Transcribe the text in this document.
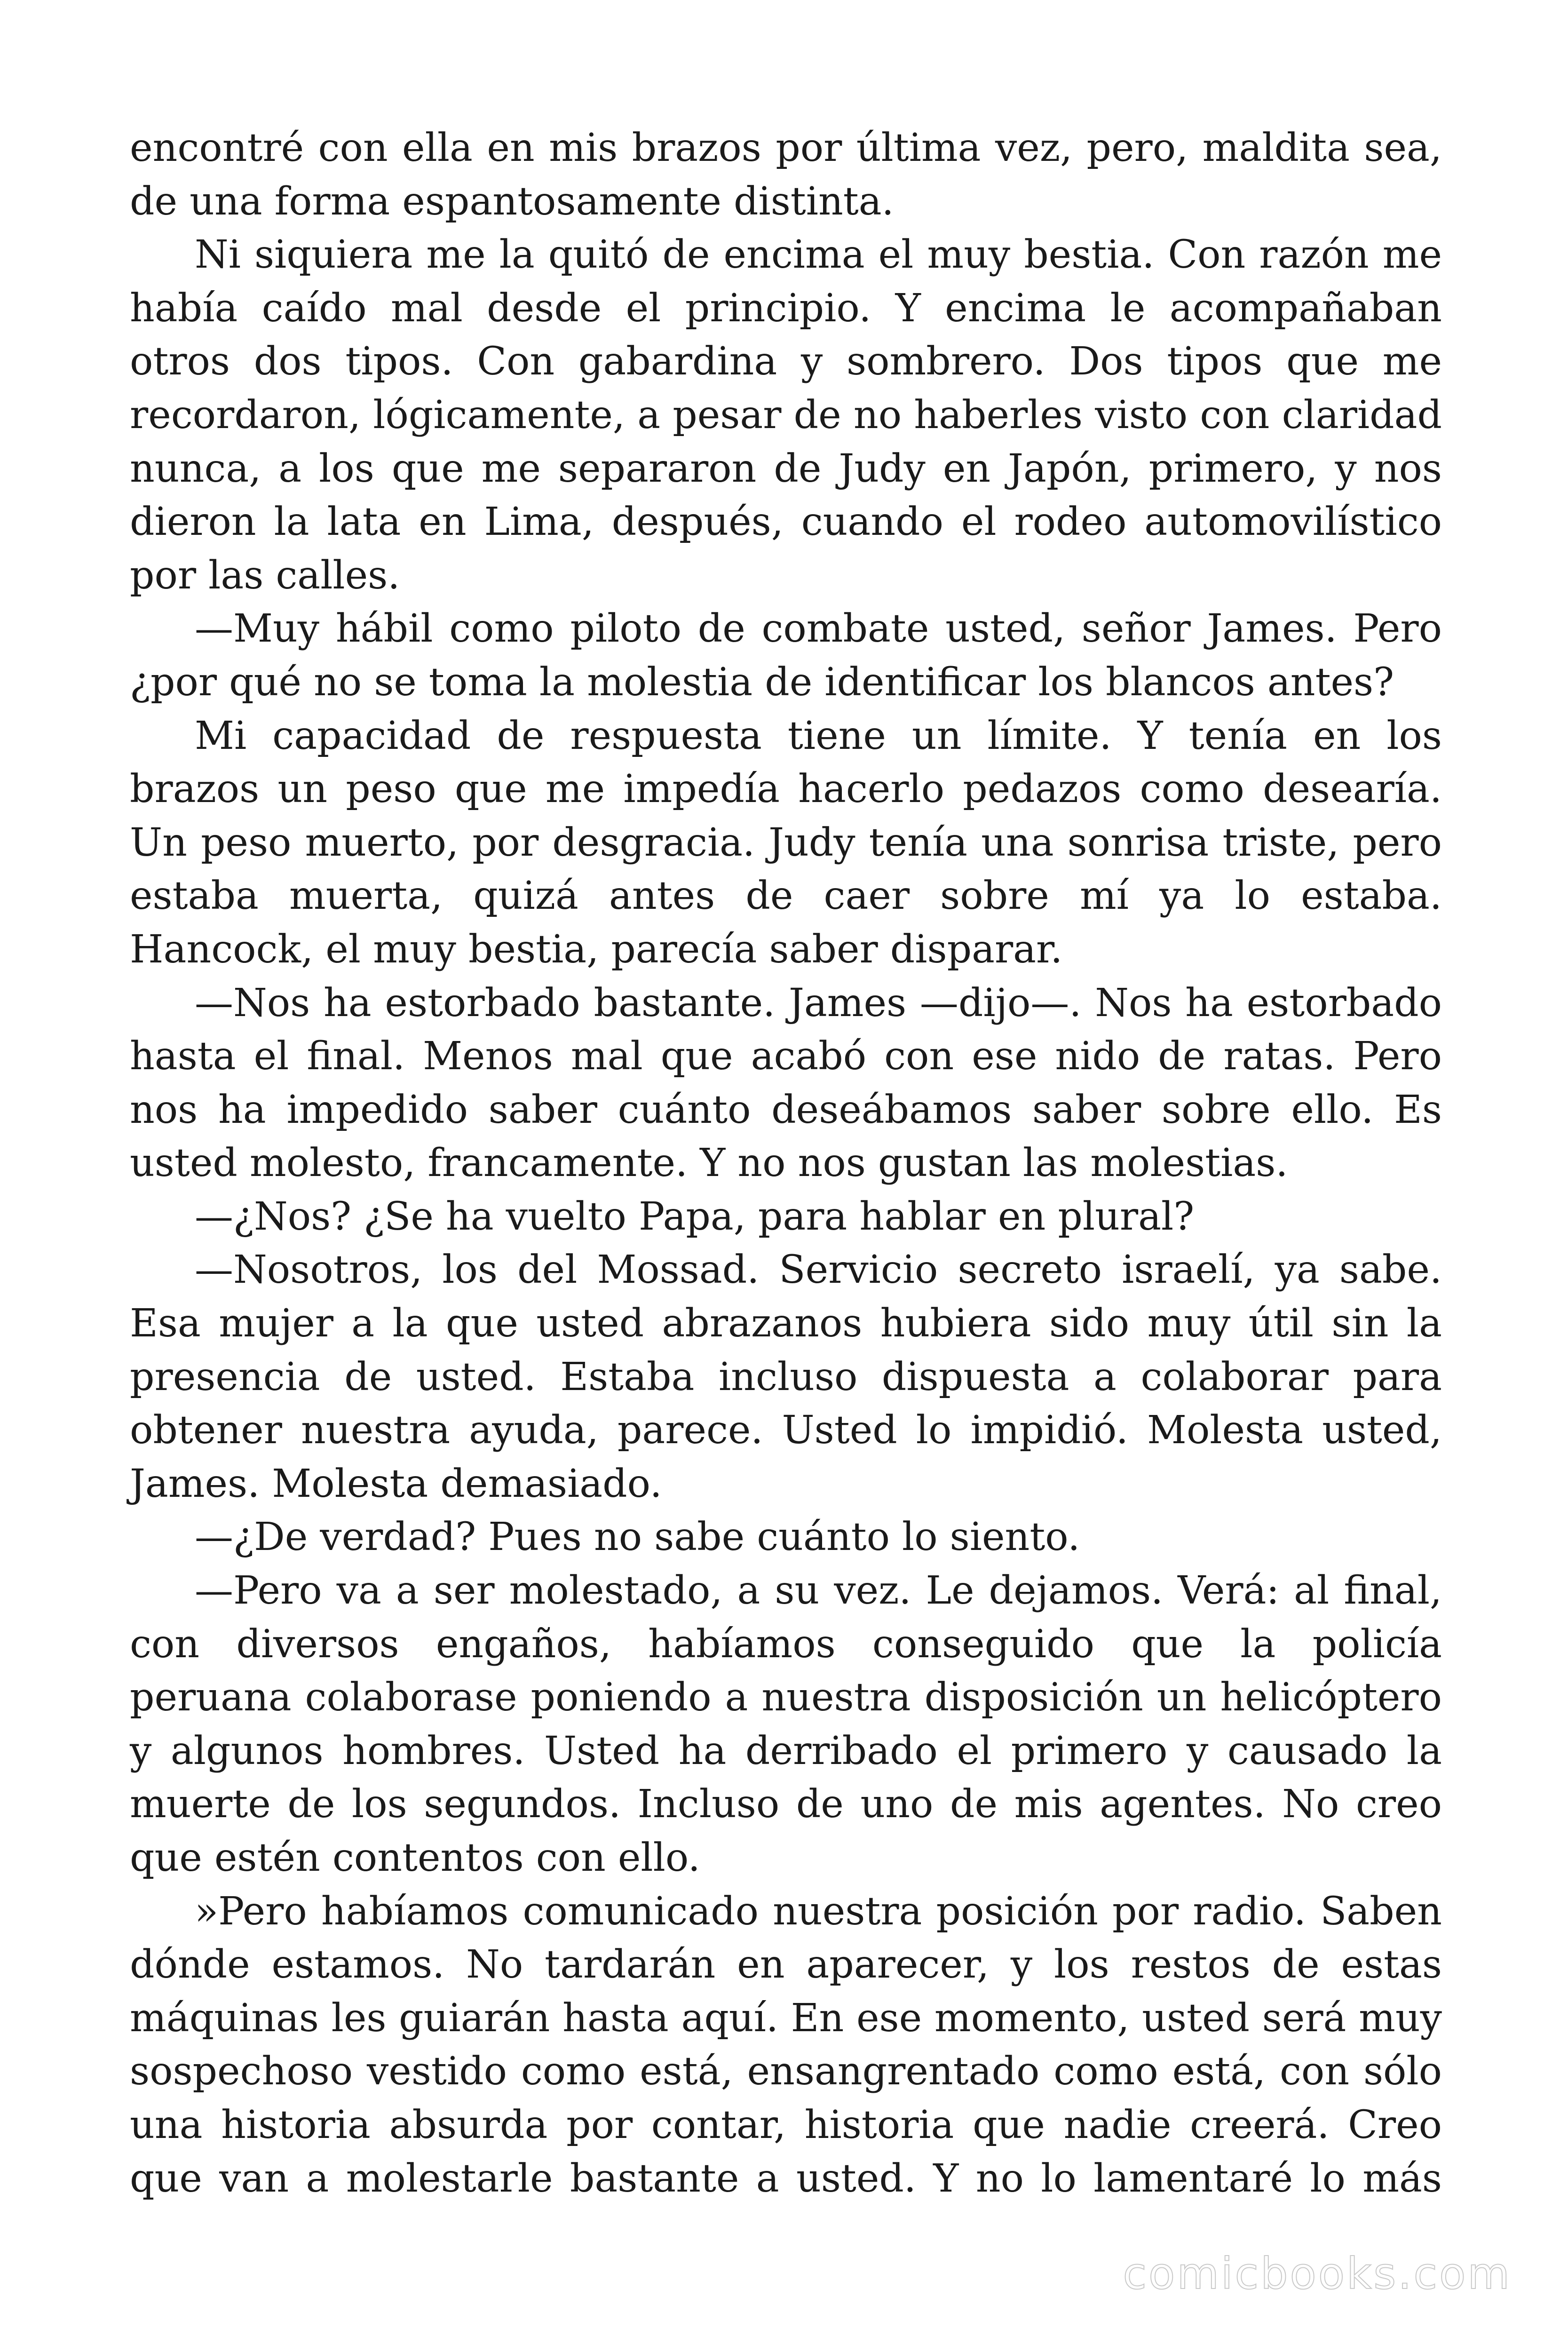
encontré con ella en mis brazos por última vez, pero, maldita sea, de una forma espantosamente distinta.

Ni siquiera me la quitó de encima el muy bestia. Con razón me había caído mal desde el principio. Y encima le acompañaban otros dos tipos. Con gabardina y sombrero. Dos tipos que me recordaron, lógicamente, a pesar de no haberles visto con claridad nunca, a los que me separaron de Judy en Japón, primero, y nos dieron la lata en Lima, después, cuando el rodeo automovilístico por las calles.

—Muy hábil como piloto de combate usted, señor James. Pero ¿por qué no se toma la molestia de identificar los blancos antes?

Mi capacidad de respuesta tiene un límite. Y tenía en los brazos un peso que me impedía hacerlo pedazos como desearía. Un peso muerto, por desgracia. Judy tenía una sonrisa triste, pero estaba muerta, quizá antes de caer sobre mí ya lo estaba. Hancock, el muy bestia, parecía saber disparar.

—Nos ha estorbado bastante. James —dijo—. Nos ha estorbado hasta el final. Menos mal que acabó con ese nido de ratas. Pero nos ha impedido saber cuánto deseábamos saber sobre ello. Es usted molesto, francamente. Y no nos gustan las molestias.

—¿Nos? ¿Se ha vuelto Papa, para hablar en plural?

—Nosotros, los del Mossad. Servicio secreto israelí, ya sabe. Esa mujer a la que usted abrazanos hubiera sido muy útil sin la presencia de usted. Estaba incluso dispuesta a colaborar para obtener nuestra ayuda, parece. Usted lo impidió. Molesta usted, James. Molesta demasiado.

—¿De verdad? Pues no sabe cuánto lo siento.

—Pero va a ser molestado, a su vez. Le dejamos. Verá: al final, con diversos engaños, habíamos conseguido que la policía peruana colaborase poniendo a nuestra disposición un helicóptero y algunos hombres. Usted ha derribado el primero y causado la muerte de los segundos. Incluso de uno de mis agentes. No creo que estén contentos con ello.

»Pero habíamos comunicado nuestra posición por radio. Saben dónde estamos. No tardarán en aparecer, y los restos de estas máquinas les guiarán hasta aquí. En ese momento, usted será muy sospechoso vestido como está, ensangrentado como está, con sólo una historia absurda por contar, historia que nadie creerá. Creo que van a molestarle bastante a usted. Y no lo lamentaré lo más

comicbooks.com
